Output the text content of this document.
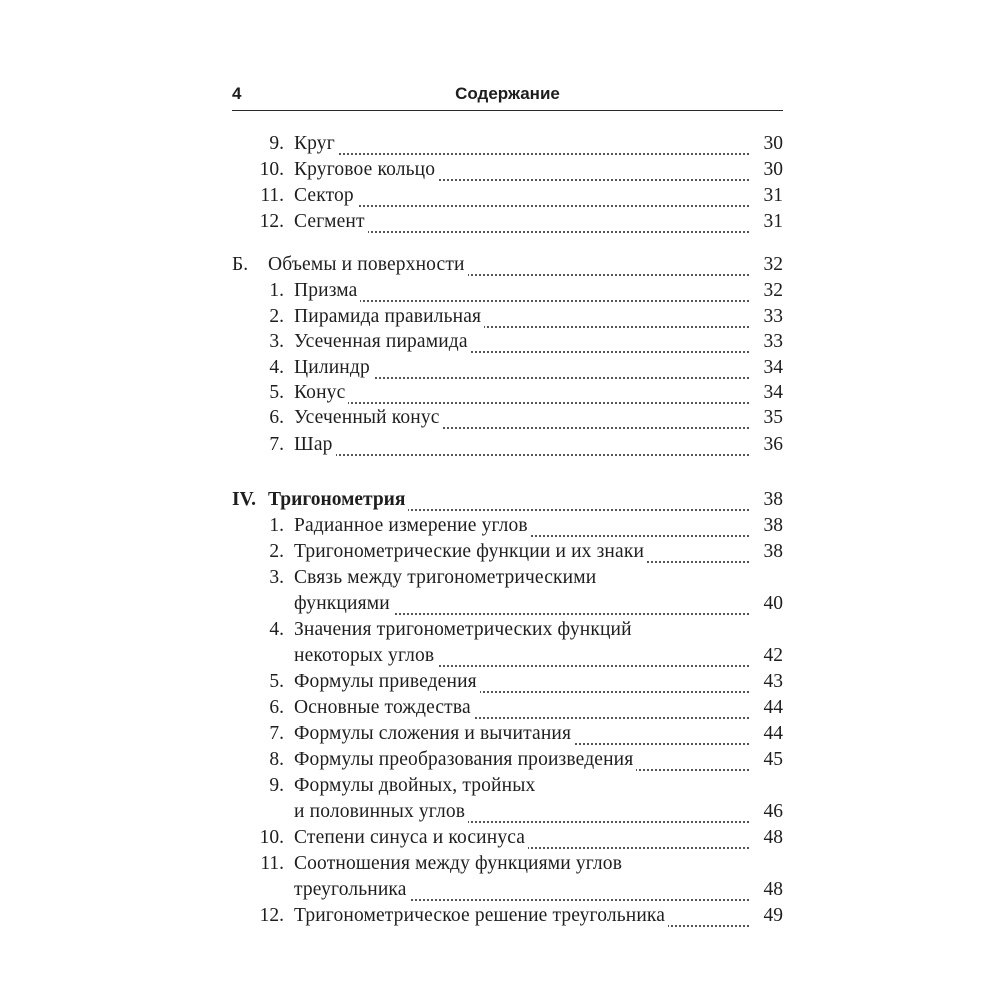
4	Содержание
9. Круг	30
10. Круговое кольцо	30
11. Сектор	31
12. Сегмент	31
Б. Объемы и поверхности	32
1. Призма	32
2. Пирамида правильная	33
3. Усеченная пирамида	33
4. Цилиндр	34
5. Конус	34
6. Усеченный конус	35
7. Шар	36
IV. Тригонометрия	38
1. Радианное измерение углов	38
2. Тригонометрические функции и их знаки	38
3. Связь между тригонометрическими
функциями	40
4. Значения тригонометрических функций
некоторых углов	42
5. Формулы приведения	43
6. Основные тождества	44
7. Формулы сложения и вычитания	44
8. Формулы преобразования произведения	45
9. Формулы двойных, тройных
и половинных углов	46
10. Степени синуса и косинуса	48
11. Соотношения между функциями углов
треугольника	48
12. Тригонометрическое решение треугольника	49
